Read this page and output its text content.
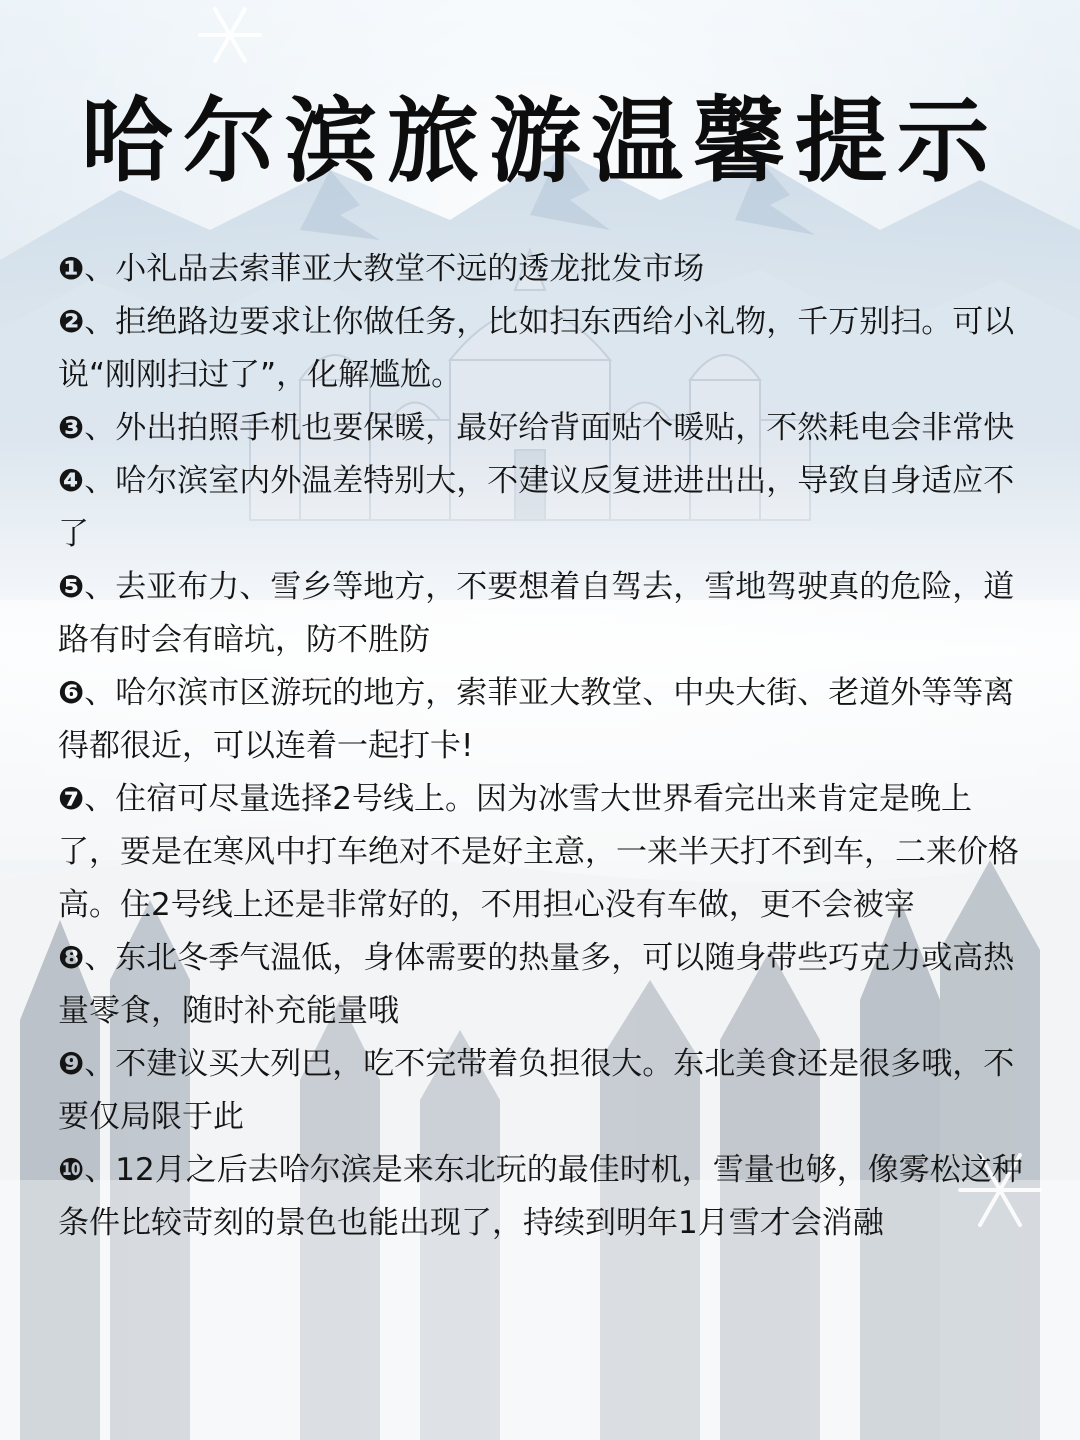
哈尔滨旅游温馨提示

❶、小礼品去索菲亚大教堂不远的透龙批发市场

❷、拒绝路边要求让你做任务，比如扫东西给小礼物，千万别扫。可以说“刚刚扫过了”，化解尴尬。

❸、外出拍照手机也要保暖，最好给背面贴个暖贴，不然耗电会非常快

❹、哈尔滨室内外温差特别大，不建议反复进进出出，导致自身适应不了

❺、去亚布力、雪乡等地方，不要想着自驾去，雪地驾驶真的危险，道路有时会有暗坑，防不胜防

❻、哈尔滨市区游玩的地方，索菲亚大教堂、中央大街、老道外等等离得都很近，可以连着一起打卡!

❼、住宿可尽量选择2号线上。因为冰雪大世界看完出来肯定是晚上了，要是在寒风中打车绝对不是好主意，一来半天打不到车，二来价格高。住2号线上还是非常好的，不用担心没有车做，更不会被宰

❽、东北冬季气温低，身体需要的热量多，可以随身带些巧克力或高热量零食，随时补充能量哦

❾、不建议买大列巴，吃不完带着负担很大。东北美食还是很多哦，不要仅局限于此

❿、12月之后去哈尔滨是来东北玩的最佳时机，雪量也够，像雾松这种条件比较苛刻的景色也能出现了，持续到明年1月雪才会消融
